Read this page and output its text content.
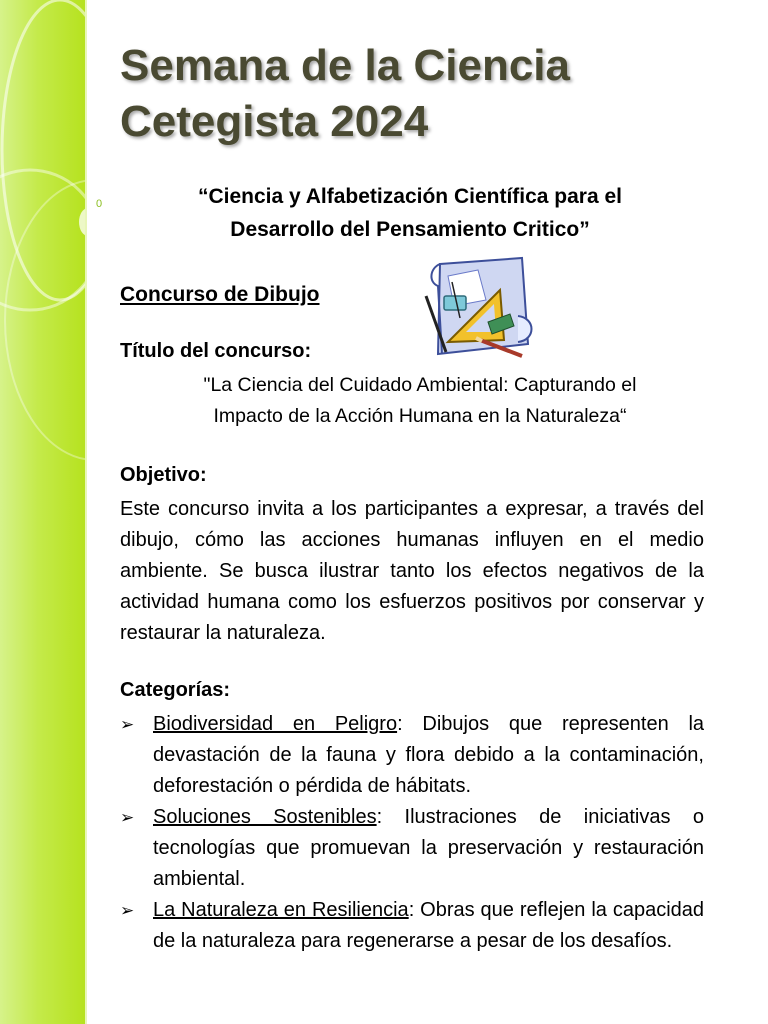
0
Semana de la Ciencia
Cetegista 2024
“Ciencia y Alfabetización Científica para el
Desarrollo del Pensamiento Critico”
Concurso de Dibujo
Título del concurso:
"La Ciencia del Cuidado Ambiental: Capturando el
Impacto de la Acción Humana en la Naturaleza“
Objetivo:

Este concurso invita a los participantes a expresar, a través del dibujo, cómo las acciones humanas influyen en el medio ambiente. Se busca ilustrar tanto los efectos negativos de la actividad humana como los esfuerzos positivos por conservar y restaurar la naturaleza.

Categorías:
➢ Biodiversidad en Peligro: Dibujos que representen la devastación de la fauna y flora debido a la contaminación, deforestación o pérdida de hábitats.
➢ Soluciones Sostenibles: Ilustraciones de iniciativas o tecnologías que promuevan la preservación y restauración ambiental.
➢ La Naturaleza en Resiliencia: Obras que reflejen la capacidad de la naturaleza para regenerarse a pesar de los desafíos.
